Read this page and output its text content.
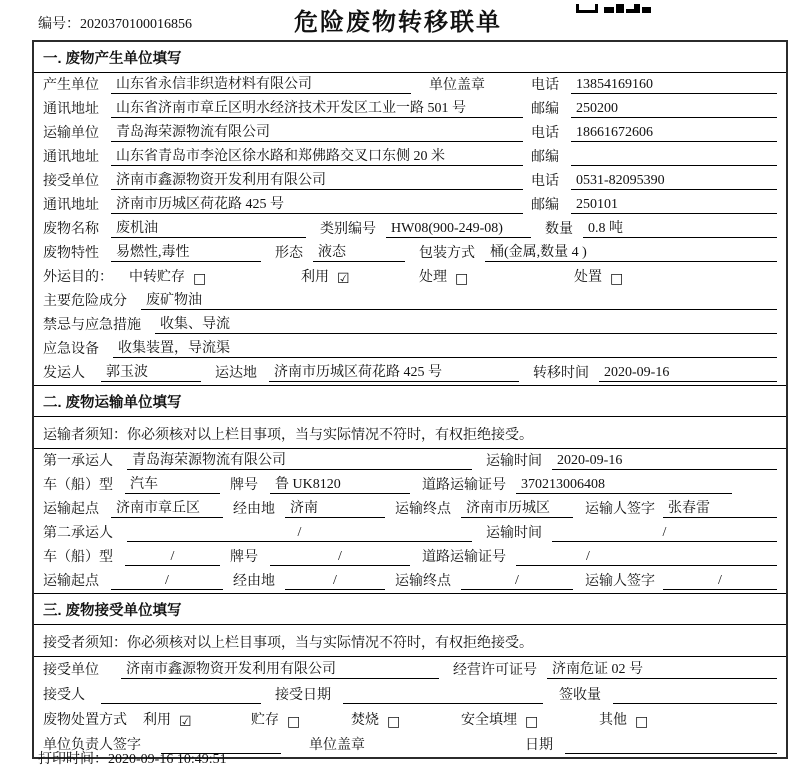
编号：2020370100016856	危险废物转移联单
一. 废物产生单位填写
产生单位	山东省永信非织造材料有限公司	单位盖章	电话	13854169160
通讯地址	山东省济南市章丘区明水经济技术开发区工业一路 501 号	邮编	250200
运输单位	青岛海荣源物流有限公司	电话	18661672606
通讯地址	山东省青岛市李沧区徐水路和郑佛路交叉口东侧 20 米	邮编
接受单位	济南市鑫源物资开发利用有限公司	电话	0531-82095390
通讯地址	济南市历城区荷花路 425 号	邮编	250101
废物名称	废机油	类别编号	HW08(900-249-08)	数量	0.8 吨
废物特性	易燃性,毒性	形态	液态	包装方式	桶(金属,数量 4 )
外运目的： 中转贮存 □	利用 ☑	处理 □	处置 □
主要危险成分	废矿物油
禁忌与应急措施	收集、导流
应急设备	收集装置，导流渠
发运人	郭玉波	运达地	济南市历城区荷花路 425 号	转移时间	2020-09-16
二. 废物运输单位填写
运输者须知：你必须核对以上栏目事项，当与实际情况不符时，有权拒绝接受。
第一承运人	青岛海荣源物流有限公司	运输时间	2020-09-16
车（船）型	汽车	牌号	鲁 UK8120	道路运输证号	370213006408
运输起点	济南市章丘区	经由地	济南	运输终点	济南市历城区	运输人签字 张春雷
第二承运人	/	运输时间	/
车（船）型	/	牌号	/	道路运输证号	/
运输起点	/	经由地	/	运输终点	/	运输人签字	/
三. 废物接受单位填写
接受者须知：你必须核对以上栏目事项，当与实际情况不符时，有权拒绝接受。
接受单位	济南市鑫源物资开发利用有限公司	经营许可证号	济南危证 02 号
接受人	接受日期	签收量
废物处置方式 利用 ☑	贮存 □	焚烧 □	安全填埋 □	其他 □
单位负责人签字	单位盖章	日期
打印时间：2020-09-16 10:49:51
